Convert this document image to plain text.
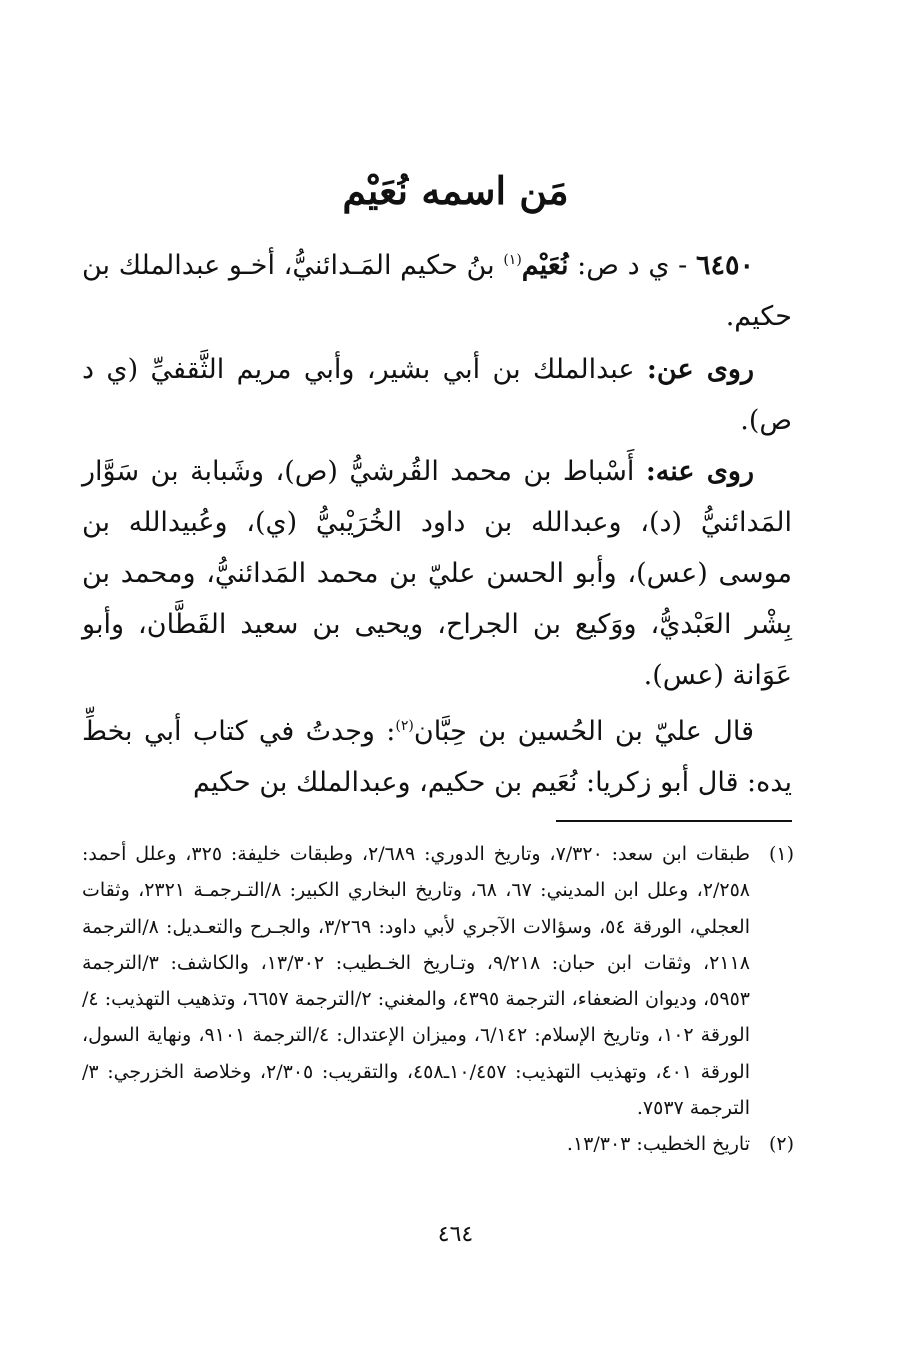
مَن اسمه نُعَيْم
٦٤٥٠ - ي د ص: نُعَيْم$^{(١)}$ بنُ حكيم المَـدائنيُّ، أخـو عبدالملك بن حكيم.
روى عن: عبدالملك بن أبي بشير، وأبي مريم الثَّقفيِّ (ي د ص).
روى عنه: أَسْباط بن محمد القُرشيُّ (ص)، وشَبابة بن سَوَّار المَدائنيُّ (د)، وعبدالله بن داود الخُرَيْبيُّ (ي)، وعُبيدالله بن موسى (عس)، وأبو الحسن عليّ بن محمد المَدائنيُّ، ومحمد بن بِشْر العَبْديُّ، ووَكيع بن الجراح، ويحيى بن سعيد القَطَّان، وأبو عَوَانة (عس).
قال عليّ بن الحُسين بن حِبَّان$^{(٢)}$: وجدتُ في كتاب أبي بخطِّ يده: قال أبو زكريا: نُعَيم بن حكيم، وعبدالملك بن حكيم
(١)
طبقات ابن سعد: ٧/٣٢٠، وتاريخ الدوري: ٢/٦٨٩، وطبقات خليفة: ٣٢٥، وعلل أحمد: ٢/٢٥٨، وعلل ابن المديني: ٦٧، ٦٨، وتاريخ البخاري الكبير: ٨/التـرجمـة ٢٣٢١، وثقات العجلي، الورقة ٥٤، وسؤالات الآجري لأبي داود: ٣/٢٦٩، والجـرح والتعـديل: ٨/الترجمة ٢١١٨، وثقات ابن حبان: ٩/٢١٨، وتـاريخ الخـطيب: ١٣/٣٠٢، والكاشف: ٣/الترجمة ٥٩٥٣، وديوان الضعفاء، الترجمة ٤٣٩٥، والمغني: ٢/الترجمة ٦٦٥٧، وتذهيب التهذيب: ٤/الورقة ١٠٢، وتاريخ الإسلام: ٦/١٤٢، وميزان الإعتدال: ٤/الترجمة ٩١٠١، ونهاية السول، الورقة ٤٠١، وتهذيب التهذيب: ١٠/٤٥٧ـ٤٥٨، والتقريب: ٢/٣٠٥، وخلاصة الخزرجي: ٣/الترجمة ٧٥٣٧.
(٢)
تاريخ الخطيب: ١٣/٣٠٣.
٤٦٤
